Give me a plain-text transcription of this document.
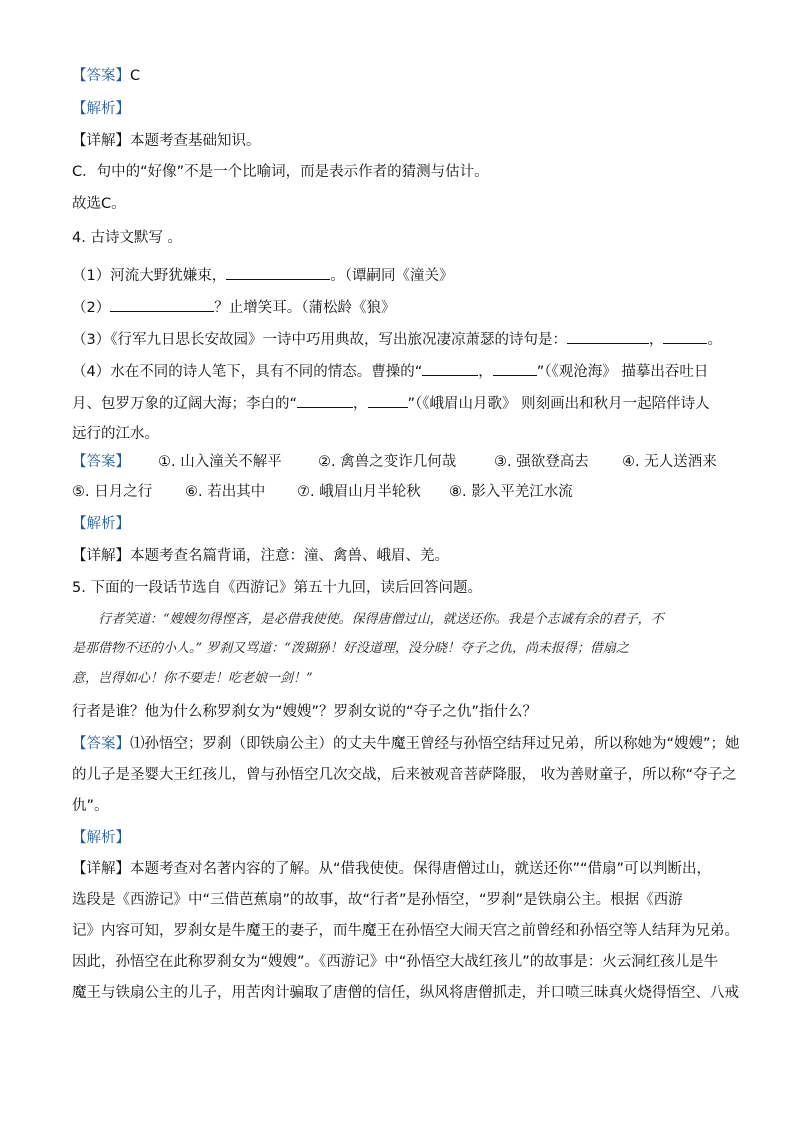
【答案】C
【解析】
【详解】本题考查基础知识。
C．句中的“好像”不是一个比喻词，而是表示作者的猜测与估计。
故选C。
4. 古诗文默写 。
（1）河流大野犹嫌束，	。（谭嗣同《潼关》
（2）	？止增笑耳。（蒲松龄《狼》
（3）《行军九日思长安故园》一诗中巧用典故，写出旅况凄凉萧瑟的诗句是：	，	。
（4）水在不同的诗人笔下，具有不同的情态。曹操的“	，	”（《观沧海》 描摹出吞吐日
月、包罗万象的辽阔大海；李白的“	，	”（《峨眉山月歌》 则刻画出和秋月一起陪伴诗人
远行的江水。
【答案】 ①. 山入潼关不解平	②. 禽兽之变诈几何哉	③. 强欲登高去 ④. 无人送酒来
⑤. 日月之行 ⑥. 若出其中 ⑦. 峨眉山月半轮秋 ⑧. 影入平羌江水流
【解析】
【详解】本题考查名篇背诵，注意：潼、禽兽、峨眉、羌。
5. 下面的一段话节选自《西游记》第五十九回，读后回答问题。
行者笑道：“嫂嫂勿得悭吝，是必借我使使。保得唐僧过山，就送还你。我是个志诚有余的君子，不
是那借物不还的小人。” 罗刹又骂道：“泼猢狲！好没道理，没分晓！夺子之仇，尚未报得；借扇之
意，岂得如心！你不要走！吃老娘一剑！”
行者是谁？他为什么称罗刹女为“嫂嫂”？罗刹女说的“夺子之仇”指什么？
【答案】⑴孙悟空；罗刹（即铁扇公主）的丈夫牛魔王曾经与孙悟空结拜过兄弟，所以称她为“嫂嫂”；她
的儿子是圣婴大王红孩儿，曾与孙悟空几次交战，后来被观音菩萨降服， 收为善财童子，所以称“夺子之
仇”。
【解析】
【详解】本题考查对名著内容的了解。从“借我使使。保得唐僧过山，就送还你”“借扇”可以判断出，
选段是《西游记》中“三借芭蕉扇”的故事，故“行者”是孙悟空，“罗刹”是铁扇公主。根据《西游
记》内容可知，罗刹女是牛魔王的妻子，而牛魔王在孙悟空大闹天宫之前曾经和孙悟空等人结拜为兄弟。
因此，孙悟空在此称罗刹女为“嫂嫂”。《西游记》中“孙悟空大战红孩儿”的故事是：火云洞红孩儿是牛
魔王与铁扇公主的儿子，用苦肉计骗取了唐僧的信任，纵风将唐僧抓走，并口喷三昧真火烧得悟空、八戒
